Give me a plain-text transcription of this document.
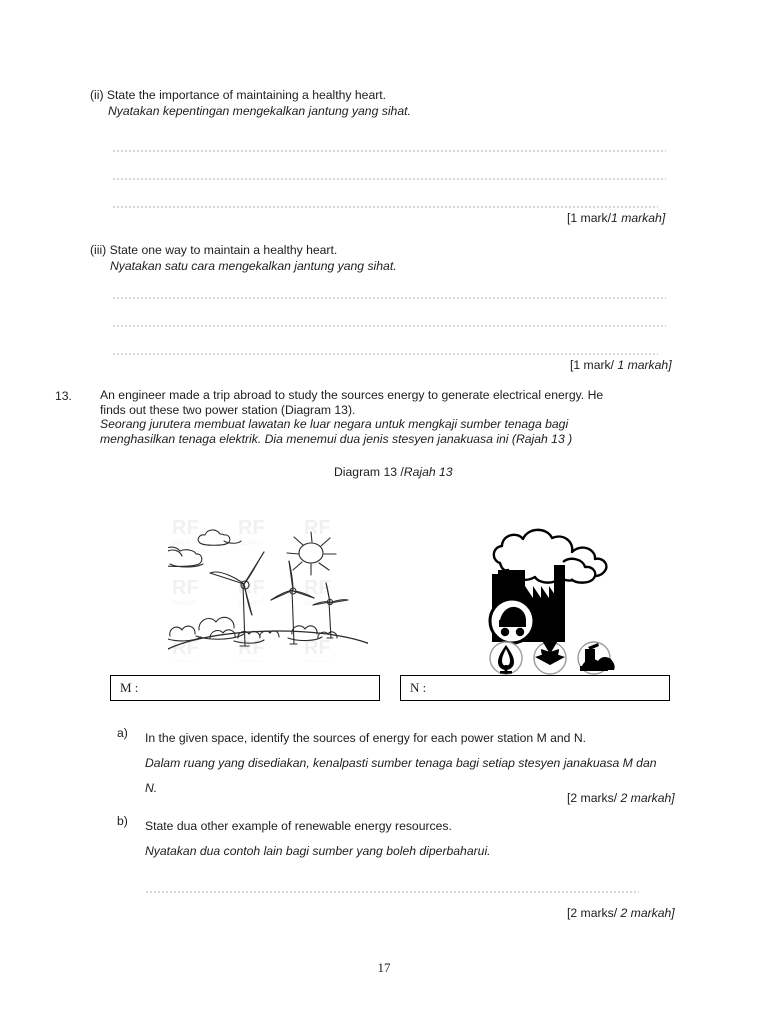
(ii) State the importance of maintaining a healthy heart.
Nyatakan kepentingan mengekalkan jantung yang sihat.
[1 mark/1 markah]
(iii) State one way to maintain a healthy heart.
Nyatakan satu cara mengekalkan jantung yang sihat.
[1 mark/ 1 markah]
13. An engineer made a trip abroad to study the sources energy to generate electrical energy. He
finds out these two power station (Diagram 13).
Seorang jurutera membuat lawatan ke luar negara untuk mengkaji sumber tenaga bagi
menghasilkan tenaga elektrik. Dia menemui dua jenis stesyen janakuasa ini (Rajah 13 )
Diagram 13 /Rajah 13
M :	N :
a) In the given space, identify the sources of energy for each power station M and N.
Dalam ruang yang disediakan, kenalpasti sumber tenaga bagi setiap stesyen janakuasa M dan
N.
[2 marks/ 2 markah]
b) State dua other example of renewable energy resources.
Nyatakan dua contoh lain bagi sumber yang boleh diperbaharui.
[2 marks/ 2 markah]
17
